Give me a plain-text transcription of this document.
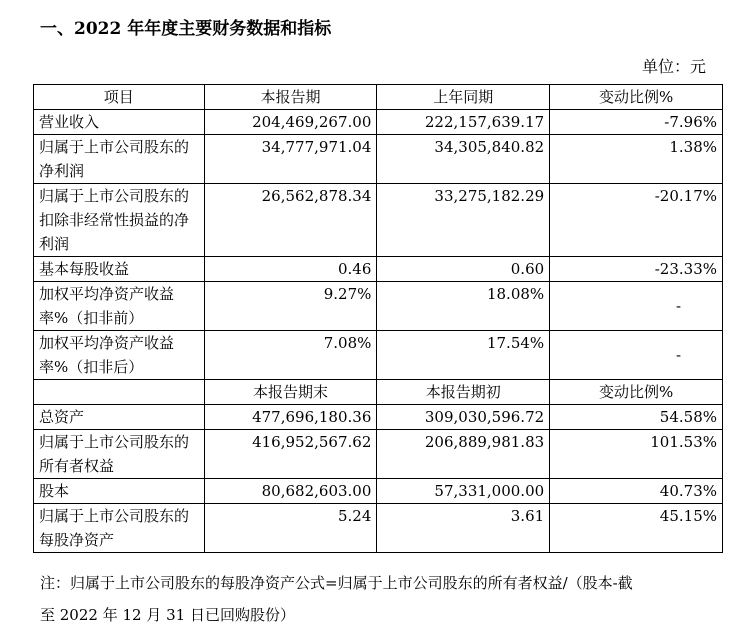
一、2022 年年度主要财务数据和指标
单位：元
项目	本报告期	上年同期	变动比例%
营业收入	204,469,267.00	222,157,639.17	-7.96%
归属于上市公司股东的净利润	34,777,971.04	34,305,840.82	1.38%
归属于上市公司股东的扣除非经常性损益的净利润	26,562,878.34	33,275,182.29	-20.17%
基本每股收益	0.46	0.60	-23.33%
加权平均净资产收益率%（扣非前）	9.27%	18.08%	-
加权平均净资产收益率%（扣非后）	7.08%	17.54%	-
	本报告期末	本报告期初	变动比例%
总资产	477,696,180.36	309,030,596.72	54.58%
归属于上市公司股东的所有者权益	416,952,567.62	206,889,981.83	101.53%
股本	80,682,603.00	57,331,000.00	40.73%
归属于上市公司股东的每股净资产	5.24	3.61	45.15%
注：归属于上市公司股东的每股净资产公式=归属于上市公司股东的所有者权益/（股本-截
至 2022 年 12 月 31 日已回购股份）
